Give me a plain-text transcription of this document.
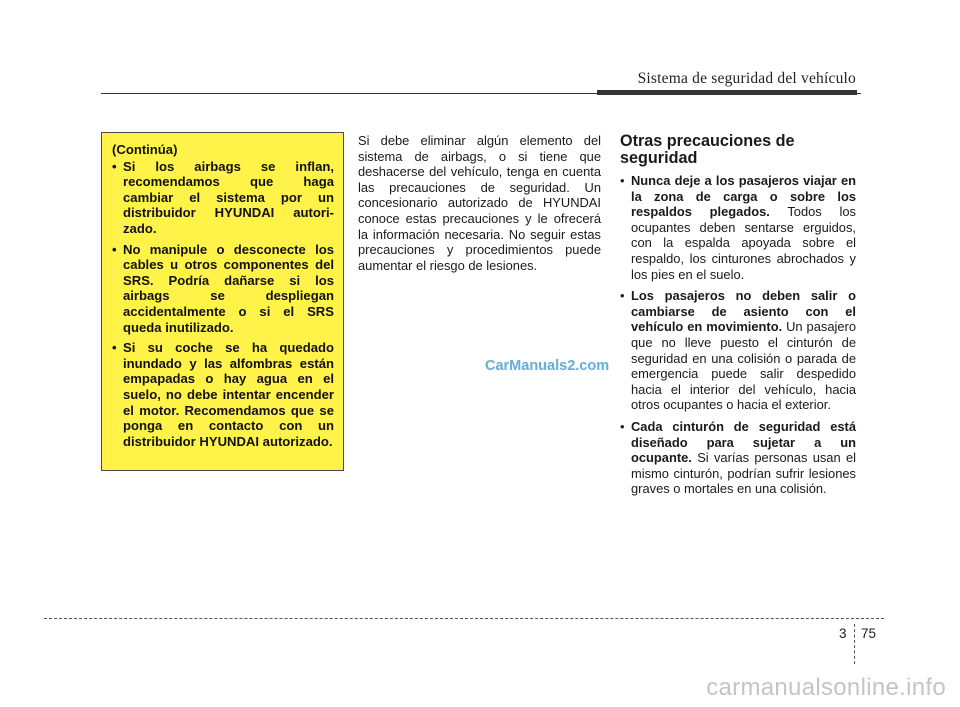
Sistema de seguridad del vehículo
(Continúa)
• Si los airbags se inflan, recomendamos que haga cambiar el sistema por un distribuidor HYUNDAI autori-zado.
• No manipule o desconecte los cables u otros componentes del SRS. Podría dañarse si los airbags se despliegan accidentalmente o si el SRS queda inutilizado.
• Si su coche se ha quedado inundado y las alfombras están empapadas o hay agua en el suelo, no debe intentar encender el motor. Recomendamos que se ponga en contacto con un distribuidor HYUNDAI autorizado.
Si debe eliminar algún elemento del sistema de airbags, o si tiene que deshacerse del vehículo, tenga en cuenta las precauciones de seguridad. Un concesionario autorizado de HYUNDAI conoce estas precauciones y le ofrecerá la información necesaria. No seguir estas precauciones y procedimientos puede aumentar el riesgo de lesiones.
CarManuals2.com
Otras precauciones de seguridad
• Nunca deje a los pasajeros viajar en la zona de carga o sobre los respaldos plegados. Todos los ocupantes deben sentarse erguidos, con la espalda apoyada sobre el respaldo, los cinturones abrochados y los pies en el suelo.
• Los pasajeros no deben salir o cambiarse de asiento con el vehículo en movimiento. Un pasajero que no lleve puesto el cinturón de seguridad en una colisión o parada de emergencia puede salir despedido hacia el interior del vehículo, hacia otros ocupantes o hacia el exterior.
• Cada cinturón de seguridad está diseñado para sujetar a un ocupante. Si varías personas usan el mismo cinturón, podrían sufrir lesiones graves o mortales en una colisión.
3 75
carmanualsonline.info
